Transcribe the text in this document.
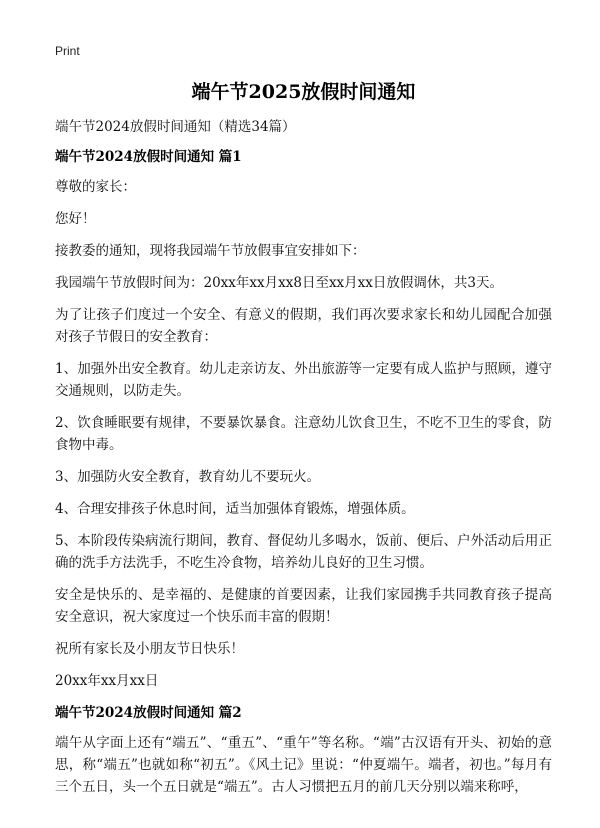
Print

端午节2025放假时间通知

端午节2024放假时间通知（精选34篇）

端午节2024放假时间通知 篇1

尊敬的家长：

您好！

接教委的通知，现将我园端午节放假事宜安排如下：

我园端午节放假时间为：20xx年xx月xx8日至xx月xx日放假调休，共3天。

为了让孩子们度过一个安全、有意义的假期，我们再次要求家长和幼儿园配合加强对孩子节假日的安全教育：

1、加强外出安全教育。幼儿走亲访友、外出旅游等一定要有成人监护与照顾，遵守交通规则，以防走失。

2、饮食睡眠要有规律，不要暴饮暴食。注意幼儿饮食卫生，不吃不卫生的零食，防食物中毒。

3、加强防火安全教育，教育幼儿不要玩火。

4、合理安排孩子休息时间，适当加强体育锻炼，增强体质。

5、本阶段传染病流行期间，教育、督促幼儿多喝水，饭前、便后、户外活动后用正确的洗手方法洗手，不吃生冷食物，培养幼儿良好的卫生习惯。

安全是快乐的、是幸福的、是健康的首要因素，让我们家园携手共同教育孩子提高安全意识，祝大家度过一个快乐而丰富的假期！

祝所有家长及小朋友节日快乐！

20xx年xx月xx日

端午节2024放假时间通知 篇2

端午从字面上还有“端五”、“重五”、“重午”等名称。“端”古汉语有开头、初始的意思，称“端五”也就如称“初五”。《风土记》里说：“仲夏端午。端者，初也。”每月有三个五日，头一个五日就是“端五”。古人习惯把五月的前几天分别以端来称呼，
